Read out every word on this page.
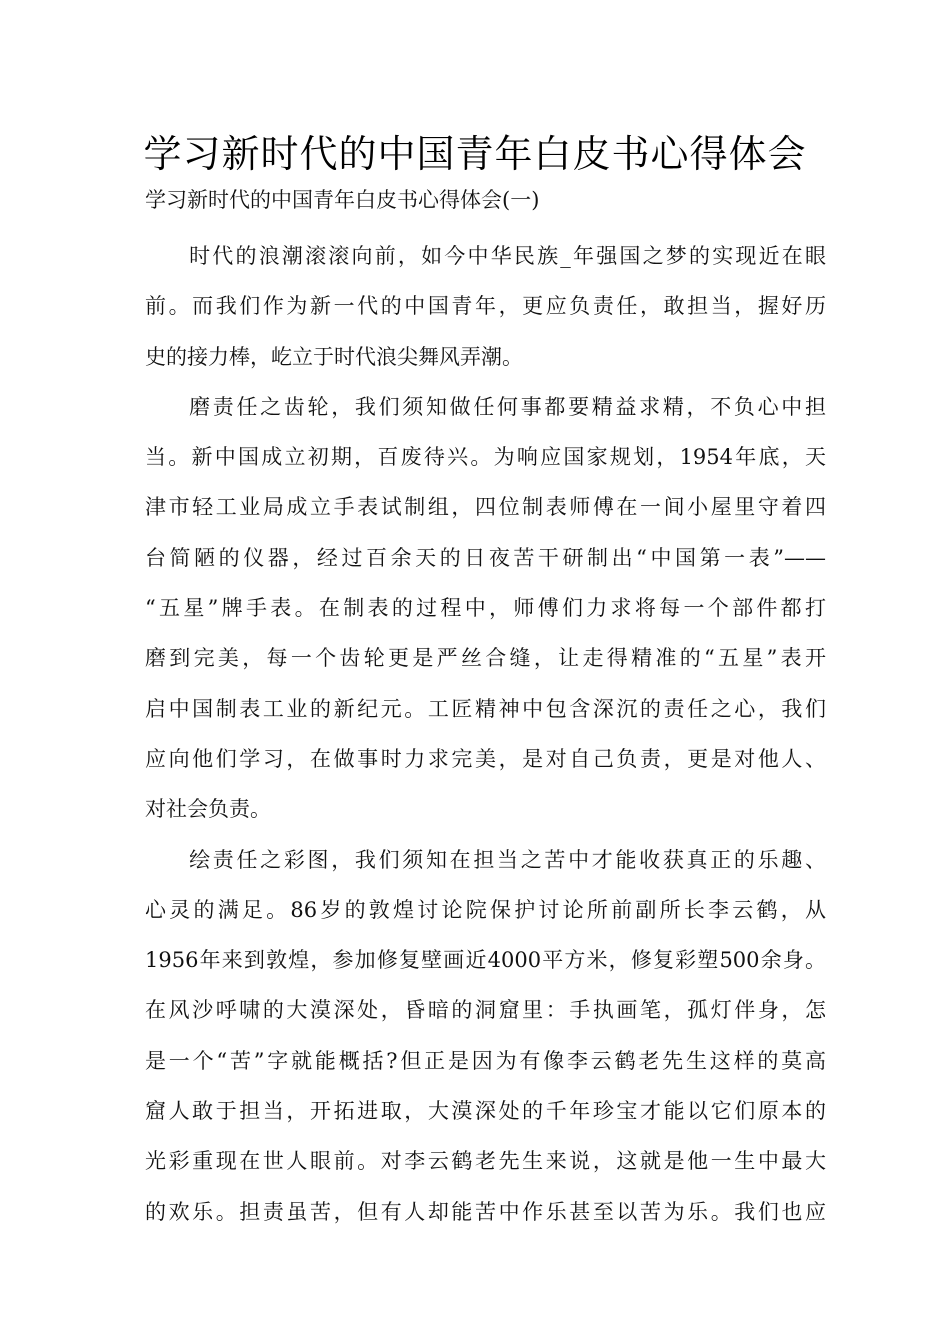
学习新时代的中国青年白皮书心得体会
学习新时代的中国青年白皮书心得体会(一)
时代的浪潮滚滚向前，如今中华民族_年强国之梦的实现近在眼
前。而我们作为新一代的中国青年，更应负责任，敢担当，握好历
史的接力棒，屹立于时代浪尖舞风弄潮。
磨责任之齿轮，我们须知做任何事都要精益求精，不负心中担
当。新中国成立初期，百废待兴。为响应国家规划，1954年底，天
津市轻工业局成立手表试制组，四位制表师傅在一间小屋里守着四
台简陋的仪器，经过百余天的日夜苦干研制出“中国第一表”——
“五星”牌手表。在制表的过程中，师傅们力求将每一个部件都打
磨到完美，每一个齿轮更是严丝合缝，让走得精准的“五星”表开
启中国制表工业的新纪元。工匠精神中包含深沉的责任之心，我们
应向他们学习，在做事时力求完美，是对自己负责，更是对他人、
对社会负责。
绘责任之彩图，我们须知在担当之苦中才能收获真正的乐趣、
心灵的满足。86岁的敦煌讨论院保护讨论所前副所长李云鹤，从
1956年来到敦煌，参加修复壁画近4000平方米，修复彩塑500余身。
在风沙呼啸的大漠深处，昏暗的洞窟里：手执画笔，孤灯伴身，怎
是一个“苦”字就能概括?但正是因为有像李云鹤老先生这样的莫高
窟人敢于担当，开拓进取，大漠深处的千年珍宝才能以它们原本的
光彩重现在世人眼前。对李云鹤老先生来说，这就是他一生中最大
的欢乐。担责虽苦，但有人却能苦中作乐甚至以苦为乐。我们也应
